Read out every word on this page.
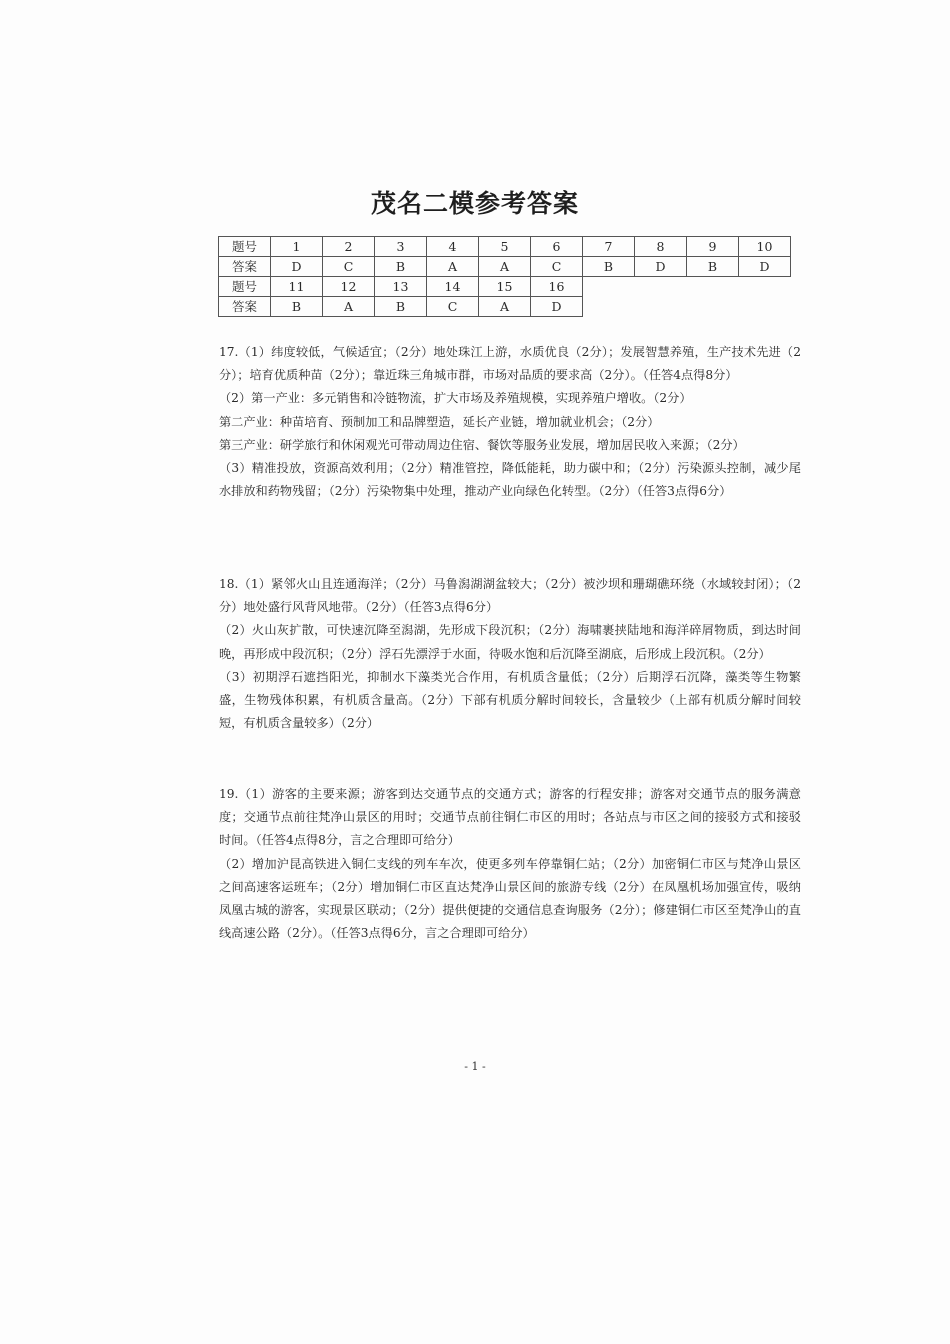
茂名二模参考答案
题号	1	2	3	4	5	6	7	8	9	10
答案	D	C	B	A	A	C	B	D	B	D
题号	11	12	13	14	15	16				
答案	B	A	B	C	A	D				

17.（1）纬度较低，气候适宜；（2分）地处珠江上游，水质优良（2分）；发展智慧养殖，生产技术先进（2分）；培育优质种苗（2分）；靠近珠三角城市群，市场对品质的要求高（2分）。（任答4点得8分）

（2）第一产业：多元销售和冷链物流，扩大市场及养殖规模，实现养殖户增收。（2分）

第二产业：种苗培育、预制加工和品牌塑造，延长产业链，增加就业机会；（2分）

第三产业：研学旅行和休闲观光可带动周边住宿、餐饮等服务业发展，增加居民收入来源；（2分）

（3）精准投放，资源高效利用；（2分）精准管控，降低能耗，助力碳中和；（2分）污染源头控制，减少尾水排放和药物残留；（2分）污染物集中处理，推动产业向绿色化转型。（2分）（任答3点得6分）

18.（1）紧邻火山且连通海洋；（2分）马鲁潟湖湖盆较大；（2分）被沙坝和珊瑚礁环绕（水域较封闭）；（2分）地处盛行风背风地带。（2分）（任答3点得6分）

（2）火山灰扩散，可快速沉降至潟湖，先形成下段沉积；（2分）海啸裹挟陆地和海洋碎屑物质，到达时间晚，再形成中段沉积；（2分）浮石先漂浮于水面，待吸水饱和后沉降至湖底，后形成上段沉积。（2分）

（3）初期浮石遮挡阳光，抑制水下藻类光合作用，有机质含量低；（2分）后期浮石沉降，藻类等生物繁盛，生物残体积累，有机质含量高。（2分）下部有机质分解时间较长，含量较少（上部有机质分解时间较短，有机质含量较多）（2分）

19.（1）游客的主要来源；游客到达交通节点的交通方式；游客的行程安排；游客对交通节点的服务满意度；交通节点前往梵净山景区的用时；交通节点前往铜仁市区的用时；各站点与市区之间的接驳方式和接驳时间。（任答4点得8分，言之合理即可给分）

（2）增加沪昆高铁进入铜仁支线的列车车次，使更多列车停靠铜仁站；（2分）加密铜仁市区与梵净山景区之间高速客运班车；（2分）增加铜仁市区直达梵净山景区间的旅游专线（2分）在凤凰机场加强宣传，吸纳凤凰古城的游客，实现景区联动；（2分）提供便捷的交通信息查询服务（2分）；修建铜仁市区至梵净山的直线高速公路（2分）。（任答3点得6分，言之合理即可给分）

- 1 -
